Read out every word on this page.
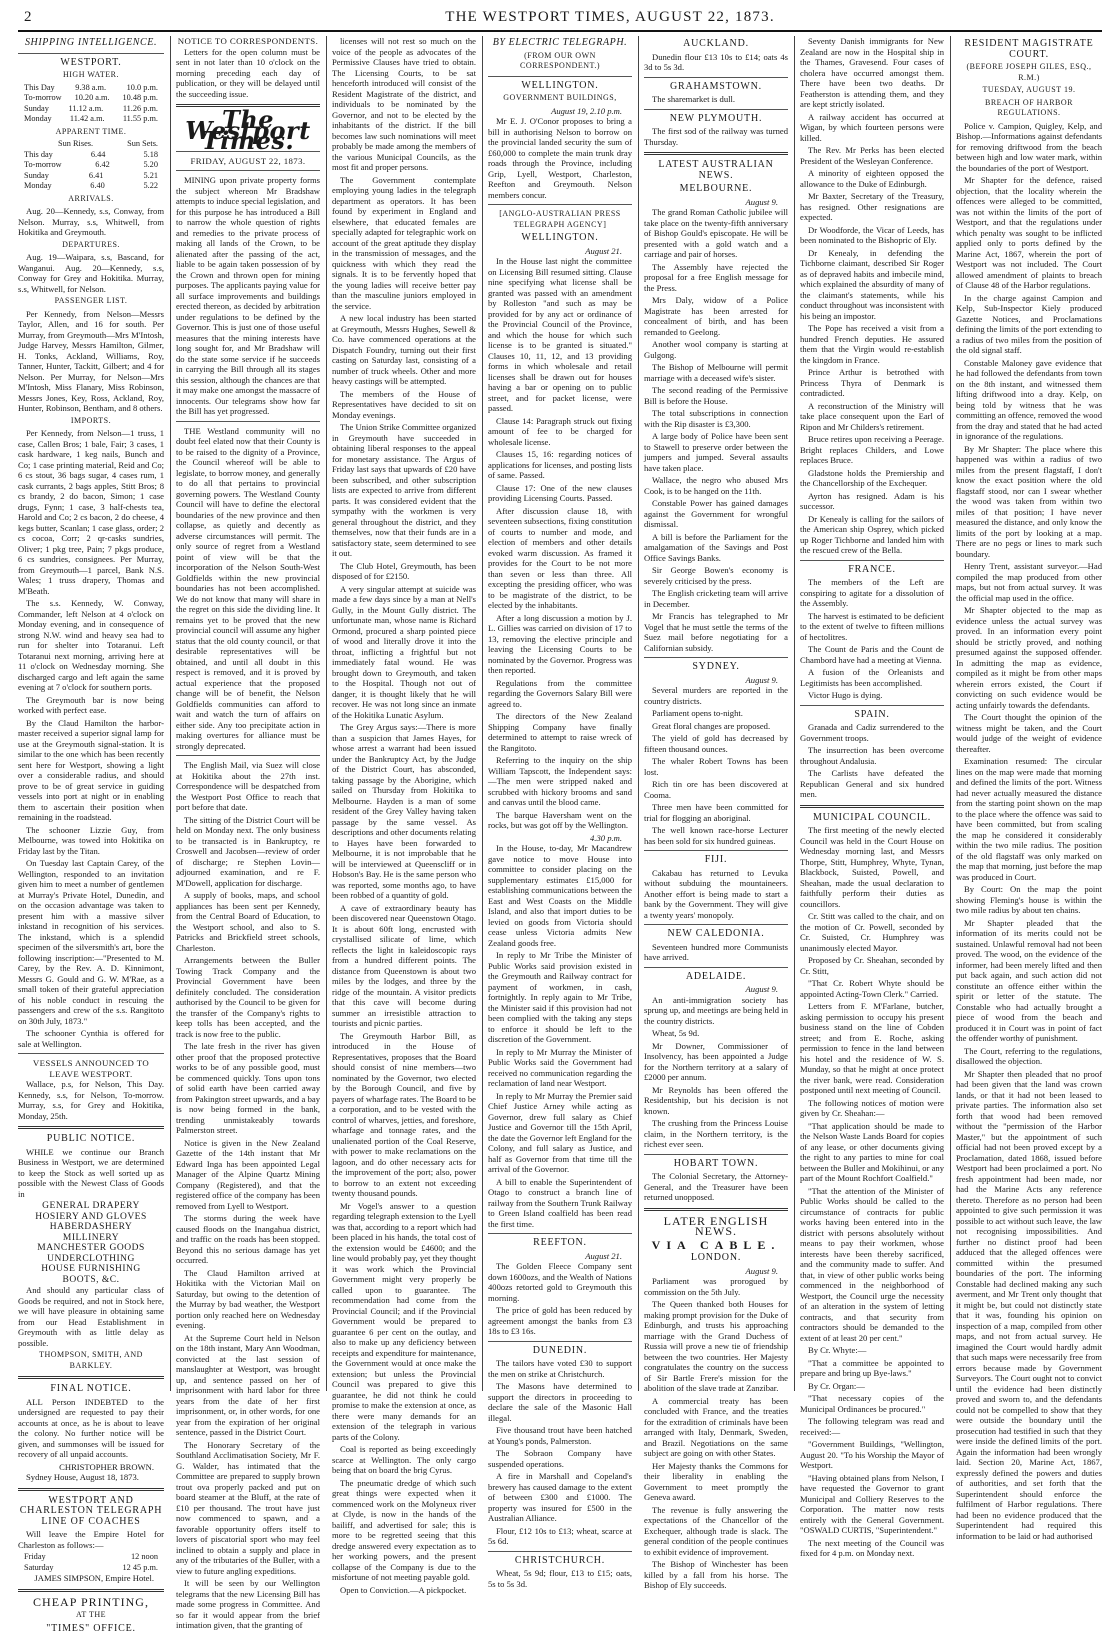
2	THE WESTPORT TIMES, AUGUST 22, 1873.
SHIPPING INTELLIGENCE.
WESTPORT.
HIGH WATER.
This Day 9.38 a.m. 10.0 p.m.
To-morrow 10.20 a.m. 10.48 p.m.
Sunday 11.12 a.m. 11.26 p.m.
Monday 11.42 a.m. 11.55 p.m.
APPARENT TIME.
Sun Rises.	Sun Sets.
This day	6.44	5.18
To-morrow	6.42	5.20
Sunday	6.41	5.21
Monday	6.40	5.22
ARRIVALS.

Aug. 20—Kennedy, s.s, Conway, from Nelson. Murray, s.s, Whitwell, from Hokitika and Greymouth.

DEPARTURES.

Aug. 19—Waipara, s.s, Bascand, for Wanganui. Aug. 20—Kennedy, s.s, Conway for Grey and Hokitika. Murray, s.s, Whitwell, for Nelson.

PASSENGER LIST.

Per Kennedy, from Nelson—Messrs Taylor, Allen, and 16 for south. Per Murray, from Greymouth—Mrs M'Intosh, Judge Harvey, Messrs Hamilton, Gilmer, H. Tonks, Ackland, Williams, Roy, Tanner, Hunter, Tackitt, Gilbert; and 4 for Nelson. Per Murray, for Nelson—Mrs M'Intosh, Miss Flanary, Miss Robinson, Messrs Jones, Key, Ross, Ackland, Roy, Hunter, Robinson, Bentham, and 8 others.

IMPORTS.

Per Kennedy, from Nelson—1 truss, 1 case, Callen Bros; 1 bale, Fair; 3 cases, 1 cask hardware, 1 keg nails, Bunch and Co; 1 case printing material, Reid and Co; 6 cs stout, 36 bags sugar, 4 cases rum, 1 cask currants, 2 bags apples, Stitt Bros; 8 cs brandy, 2 do bacon, Simon; 1 case drugs, Fynn; 1 case, 3 half-chests tea, Harold and Co; 2 cs bacon, 2 do cheese, 4 kegs butter, Scanlan; 1 case glass, order; 2 cs cocoa, Corr; 2 qr-casks sundries, Oliver; 1 pkg tree, Pain; 7 pkgs produce, 6 cs sundries, consignees. Per Murray, from Greymouth—1 parcel, Bank N.S. Wales; 1 truss drapery, Thomas and M'Beath.

The s.s. Kennedy, W. Conway, Commander, left Nelson at 4 o'clock on Monday evening, and in consequence of strong N.W. wind and heavy sea had to run for shelter into Totaranui. Left Totaranui next morning, arriving here at 11 o'clock on Wednesday morning. She discharged cargo and left again the same evening at 7 o'clock for southern ports.

The Greymouth bar is now being worked with perfect ease.

By the Claud Hamilton the harbor-master received a superior signal lamp for use at the Greymouth signal-station. It is similar to the one which has been recently sent here for Westport, showing a light over a considerable radius, and should prove to be of great service in guiding vessels into port at night or in enabling them to ascertain their position when remaining in the roadstead.

The schooner Lizzie Guy, from Melbourne, was towed into Hokitika on Friday last by the Titan.

On Tuesday last Captain Carey, of the Wellington, responded to an invitation given him to meet a number of gentlemen at Murray's Private Hotel, Dunedin, and on the occasion advantage was taken to present him with a massive silver inkstand in recognition of his services. The inkstand, which is a splendid specimen of the silversmith's art, bore the following inscription:—"Presented to M. Carey, by the Rev. A. D. Kinnimont, Messrs G. Gould and G. W. M'Rae, as a small token of their grateful appreciation of his noble conduct in rescuing the passengers and crew of the s.s. Rangitoto on 30th July, 1873."

The schooner Cynthia is offered for sale at Wellington.

VESSELS ANNOUNCED TO LEAVE WESTPORT.

Wallace, p.s, for Nelson, This Day. Kennedy, s.s, for Nelson, To-morrow. Murray, s.s, for Grey and Hokitika, Monday, 25th.

PUBLIC NOTICE.

WHILE we continue our Branch Business in Westport, we are determined to keep the Stock as well sorted up as possible with the Newest Class of Goods in

GENERAL DRAPERY
HOSIERY AND GLOVES
HABERDASHERY
MILLINERY
MANCHESTER GOODS
UNDERCLOTHING
HOUSE FURNISHING
BOOTS, &C.

And should any particular class of Goods be required, and not in Stock here, we will have pleasure in obtaining same from our Head Establishment in Greymouth with as little delay as possible.

THOMPSON, SMITH, AND BARKLEY.
FINAL NOTICE.

ALL Person INDEBTED to the undersigned are requested to pay their accounts at once, as he is about to leave the colony. No further notice will be given, and summonses will be issued for recovery of all unpaid accounts.

CHRISTOPHER BROWN.

Sydney House, August 18, 1873.

WESTPORT AND CHARLESTON TELEGRAPH LINE OF COACHES

Will leave the Empire Hotel for Charleston as follows:—

Friday	12 noon
Saturday	12 45 p.m.
JAMES SIMPSON, Empire Hotel.
CHEAP PRINTING,
AT THE
"TIMES" OFFICE.
NOTICE TO CORRESPONDENTS.

Letters for the open column must be sent in not later than 10 o'clock on the morning preceding each day of publication, or they will be delayed until the succeeding issue.

The Westport Times.
FRIDAY, AUGUST 22, 1873.

MINING upon private property forms the subject whereon Mr Bradshaw attempts to induce special legislation, and for this purpose he has introduced a Bill to narrow the whole question of rights and remedies to the private process of making all lands of the Crown, to be alienated after the passing of the act, liable to be again taken possession of by the Crown and thrown open for mining purposes. The applicants paying value for all surface improvements and buildings erected thereon, as decided by arbitration under regulations to be defined by the Governor. This is just one of those useful measures that the mining interests have long sought for, and Mr Bradshaw will do the state some service if he succeeds in carrying the Bill through all its stages this session, although the chances are that it may make one amongst the massacre of innocents. Our telegrams show how far the Bill has yet progressed.

THE Westland community will no doubt feel elated now that their County is to be raised to the dignity of a Province, the Council whereof will be able to legislate, to borrow money, and generally to do all that pertains to provincial governing powers. The Westland County Council will have to define the electoral boundaries of the new province and then collapse, as quietly and decently as adverse circumstances will permit. The only source of regret from a Westland point of view will be that the incorporation of the Nelson South-West Goldfields within the new provincial boundaries has not been accomplished. We do not know that many will share in the regret on this side the dividing line. It remains yet to be proved that the new provincial council will assume any higher status that the old county council, or that desirable representatives will be obtained, and until all doubt in this respect is removed, and it is proved by actual experience that the proposed change will be of benefit, the Nelson Goldfields communities can afford to wait and watch the turn of affairs on either side. Any too precipitate action in making overtures for alliance must be strongly deprecated.

The English Mail, via Suez will close at Hokitika about the 27th inst. Correspondence will be despatched from the Westport Post Office to reach that port before that date.

The sitting of the District Court will be held on Monday next. The only business to be transacted is in Bankruptcy, re Croswell and Jacobsen—review of order of discharge; re Stephen Lovin—adjourned examination, and re F. M'Dowell, application for discharge.

A supply of books, maps, and school appliances has been sent per Kennedy, from the Central Board of Education, to the Westport school, and also to S. Patricks and Brickfield street schools, Charleston.

Arrangements between the Buller Towing Track Company and the Provincial Government have been definitely concluded. The consideration authorised by the Council to be given for the transfer of the Company's rights to keep tolls has been accepted, and the track is now free to the public.

The late fresh in the river has given other proof that the proposed protective works to be of any possible good, must be commenced quickly. Tons upon tons of solid earth have been carried away from Pakington street upwards, and a bay is now being formed in the bank, trending unmistakeably towards Palmerston street.

Notice is given in the New Zealand Gazette of the 14th instant that Mr Edward Inga has been appointed Legal Manager of the Alpine Quartz Mining Company (Registered), and that the registered office of the company has been removed from Lyell to Westport.

The storms during the week have caused floods on the Inangahua district, and traffic on the roads has been stopped. Beyond this no serious damage has yet occurred.

The Claud Hamilton arrived at Hokitika with the Victorian Mail on Saturday, but owing to the detention of the Murray by bad weather, the Westport portion only reached here on Wednesday evening.

At the Supreme Court held in Nelson on the 18th instant, Mary Ann Woodman, convicted at the last session of manslaughter at Westport, was brought up, and sentence passed on her of imprisonment with hard labor for three years from the date of her first imprisonment, or, in other words, for one year from the expiration of her original sentence, passed in the District Court.

The Honorary Secretary of the Southland Acclimatisation Society, Mr F. G. Walder, has intimated that the Committee are prepared to supply brown trout ova properly packed and put on board steamer at the Bluff, at the rate of £10 per thousand. The trout have just now commenced to spawn, and a favorable opportunity offers itself to lovers of piscatorial sport who may feel inclined to obtain a supply and place in any of the tributaries of the Buller, with a view to future angling expeditions.

It will be seen by our Wellington telegrams that the new Licensing Bill has made some progress in Committee. And so far it would appear from the brief intimation given, that the granting of

licenses will not rest so much on the voice of the people as advocates of the Permissive Clauses have tried to obtain. The Licensing Courts, to be sat henceforth introduced will consist of the Resident Magistrate of the district, and individuals to be nominated by the Governor, and not to be elected by the inhabitants of the district. If the bill becomes law such nominations will meet probably be made among the members of the various Municipal Councils, as the most fit and proper persons.

The Government contemplate employing young ladies in the telegraph department as operators. It has been found by experiment in England and elsewhere, that educated females are specially adapted for telegraphic work on account of the great aptitude they display in the transmission of messages, and the quickness with which they read the signals. It is to be fervently hoped that the young ladies will receive better pay than the masculine juniors employed in the service.

A new local industry has been started at Greymouth, Messrs Hughes, Sewell & Co. have commenced operations at the Dispatch Foundry, turning out their first casting on Saturday last, consisting of a number of truck wheels. Other and more heavy castings will be attempted.

The members of the House of Representatives have decided to sit on Monday evenings.

The Union Strike Committee organized in Greymouth have succeeded in obtaining liberal responses to the appeal for monetary assistance. The Argus of Friday last says that upwards of £20 have been subscribed, and other subscription lists are expected to arrive from different parts. It was considered evident that the sympathy with the workmen is very general throughout the district, and they themselves, now that their funds are in a satisfactory state, seem determined to see it out.

The Club Hotel, Greymouth, has been disposed of for £2150.

A very singular attempt at suicide was made a few days since by a man at Nell's Gully, in the Mount Gully district. The unfortunate man, whose name is Richard Ormond, procured a sharp pointed piece of wood and literally drove it into the throat, inflicting a frightful but not immediately fatal wound. He was brought down to Greymouth, and taken to the Hospital. Though not out of danger, it is thought likely that he will recover. He was not long since an inmate of the Hokitika Lunatic Asylum.

The Grey Argus says:—There is more than a suspicion that James Hayes, for whose arrest a warrant had been issued under the Bankruptcy Act, by the Judge of the District Court, has absconded, taking passage by the Aborigine, which sailed on Thursday from Hokitika to Melbourne. Hayden is a man of some resident of the Grey Valley having taken passage by the same vessel. As descriptions and other documents relating to Hayes have been forwarded to Melbourne, it is not improbable that he will be interviewed at Queenscliff or in Hobson's Bay. He is the same person who was reported, some months ago, to have been robbed of a quantity of gold.

A cave of extraordinary beauty has been discovered near Queenstown Otago. It is about 60ft long, encrusted with crystallised silicate of lime, which reflects the light in kaleidoscopic rays from a hundred different points. The distance from Queenstown is about two miles by the lodges, and three by the ridge of the mountain. A visitor predicts that this cave will become during summer an irresistible attraction to tourists and picnic parties.

The Greymouth Harbor Bill, as introduced in the House of Representatives, proposes that the Board should consist of nine members—two nominated by the Governor, two elected by the Borough Council, and five by payers of wharfage rates. The Board to be a corporation, and to be vested with the control of wharves, jetties, and foreshore, wharfage and tonnage rates, and the unalienated portion of the Coal Reserve, with power to make reclamations on the lagoon, and do other necessary acts for the improvement of the port; also, power to borrow to an extent not exceeding twenty thousand pounds.

Mr Vogel's answer to a question regarding telegraph extension to the Lyell was that, according to a report which had been placed in his hands, the total cost of the extension would be £4600; and the line would probably pay, yet they thought it was work which the Provincial Government might very properly be called upon to guarantee. The recommendation had come from the Provincial Council; and if the Provincial Government would be prepared to guarantee 6 per cent on the outlay, and also to make up any deficiency between receipts and expenditure for maintenance, the Government would at once make the extension; but unless the Provincial Council was prepared to give this guarantee, he did not think he could promise to make the extension at once, as there were many demands for an extension of the telegraph in various parts of the Colony.

Coal is reported as being exceedingly scarce at Wellington. The only cargo being that on board the brig Cyrus.

The pneumatic dredge of which such great things were expected when it commenced work on the Molyneux river at Clyde, is now in the hands of the bailiff, and advertised for sale; this is more to be regretted seeing that this dredge answered every expectation as to her working powers, and the present collapse of the Company is due to the misfortune of not meeting payable gold.

Open to Conviction.—A pickpocket.

BY ELECTRIC TELEGRAPH.
(FROM OUR OWN CORRESPONDENT.)
WELLINGTON.
GOVERNMENT BUILDINGS,
August 19, 2.10 p.m.

Mr E. J. O'Conor proposes to bring a bill in authorising Nelson to borrow on the provincial landed security the sum of £60,000 to complete the main trunk dray roads through the Province, including Grip, Lyell, Westport, Charleston, Reefton and Greymouth. Nelson members concur.

[ANGLO-AUSTRALIAN PRESS TELEGRAPH AGENCY]
WELLINGTON.
August 21.

In the House last night the committee on Licensing Bill resumed sitting. Clause nine specifying what license shall be granted was passed with an amendment by Rolleston "and such as may be provided for by any act or ordinance of the Provincial Council of the Province, and which the house for which such license is to be granted is situated." Clauses 10, 11, 12, and 13 providing forms in which wholesale and retail licenses shall be drawn out for houses having a bar or opening on to public street, and for packet license, were passed.

Clause 14: Paragraph struck out fixing amount of fee to be charged for wholesale license.

Clauses 15, 16: regarding notices of applications for licenses, and posting lists of same. Passed.

Clause 17: One of the new clauses providing Licensing Courts. Passed.

After discussion clause 18, with seventeen subsections, fixing constitution of courts to number and mode, and election of members and other details evoked warm discussion. As framed it provides for the Court to be not more than seven or less than three. All excepting the presiding officer, who was to be magistrate of the district, to be elected by the inhabitants.

After a long discussion a motion by J. L. Gillies was carried on division of 17 to 13, removing the elective principle and leaving the Licensing Courts to be nominated by the Governor. Progress was then reported.

Regulations from the committee regarding the Governors Salary Bill were agreed to.

The directors of the New Zealand Shipping Company have finally determined to attempt to raise wreck of the Rangitoto.

Referring to the inquiry on the ship William Tapscott, the Independent says:—The men were stripped naked and scrubbed with hickory brooms and sand and canvas until the blood came.

The barque Haversham went on the rocks, but was got off by the Wellington.

4.30 p.m.

In the House, to-day, Mr Macandrew gave notice to move House into committee to consider placing on the supplementary estimates £15,000 for establishing communications between the East and West Coasts on the Middle Island, and also that import duties to be levied on goods from Victoria should cease unless Victoria admits New Zealand goods free.

In reply to Mr Tribe the Minister of Public Works said provision existed in the Greymouth and Railway contract for payment of workmen, in cash, fortnightly. In reply again to Mr Tribe, the Minister said if this provision had not been complied with the taking any steps to enforce it should be left to the discretion of the Government.

In reply to Mr Murray the Minister of Public Works said the Government had received no communication regarding the reclamation of land near Westport.

In reply to Mr Murray the Premier said Chief Justice Arney while acting as Governor, drew full salary as Chief Justice and Governor till the 15th April, the date the Governor left England for the Colony, and full salary as Justice, and half as Governor from that time till the arrival of the Governor.

A bill to enable the Superintendent of Otago to construct a branch line of railway from the Southern Trunk Railway to Green Island coalfield has been read the first time.

REEFTON.
August 21.

The Golden Fleece Company sent down 1600ozs, and the Wealth of Nations 400ozs retorted gold to Greymouth this morning.

The price of gold has been reduced by agreement amongst the banks from £3 18s to £3 16s.

DUNEDIN.

The tailors have voted £30 to support the men on strike at Christchurch.

The Masons have determined to support the directors in proceeding to declare the sale of the Masonic Hall illegal.

Five thousand trout have been hatched at Young's ponds, Palmerston.

The Sobraon Company have suspended operations.

A fire in Marshall and Copeland's brewery has caused damage to the extent of between £300 and £1000. The property was insured for £500 in the Australian Alliance.

Flour, £12 10s to £13; wheat, scarce at 5s 6d.

CHRISTCHURCH.

Wheat, 5s 9d; flour, £13 to £15; oats, 5s to 5s 3d.

AUCKLAND.

Dunedin flour £13 10s to £14; oats 4s 3d to 5s 3d.

GRAHAMSTOWN.

The sharemarket is dull.

NEW PLYMOUTH.

The first sod of the railway was turned Thursday.

LATEST AUSTRALIAN NEWS.
MELBOURNE.
August 9.

The grand Roman Catholic jubilee will take place on the twenty-fifth anniversary of Bishop Gould's episcopate. He will be presented with a gold watch and a carriage and pair of horses.

The Assembly have rejected the proposal for a free English message for the Press.

Mrs Daly, widow of a Police Magistrate has been arrested for concealment of birth, and has been remanded to Geelong.

Another wool company is starting at Gulgong.

The Bishop of Melbourne will permit marriage with a deceased wife's sister.

The second reading of the Permissive Bill is before the House.

The total subscriptions in connection with the Rip disaster is £3,300.

A large body of Police have been sent to Stawell to preserve order between the jumpers and jumped. Several assaults have taken place.

Wallace, the negro who abused Mrs Cook, is to be hanged on the 11th.

Constable Power has gained damages against the Government for wrongful dismissal.

A bill is before the Parliament for the amalgamation of the Savings and Post Office Savings Banks.

Sir George Bowen's economy is severely criticised by the press.

The English cricketing team will arrive in December.

Mr Francis has telegraphed to Mr Vogel that he must settle the terms of the Suez mail before negotiating for a Californian subsidy.

SYDNEY.
August 9.

Several murders are reported in the country districts.

Parliament opens to-night.

Great floral changes are proposed.

The yield of gold has decreased by fifteen thousand ounces.

The whaler Robert Towns has been lost.

Rich tin ore has been discovered at Cooma.

Three men have been committed for trial for flogging an aboriginal.

The well known race-horse Lecturer has been sold for six hundred guineas.

FIJI.

Cakabau has returned to Levuka without subduing the mountaineers. Another effort is being made to start a bank by the Government. They will give a twenty years' monopoly.

NEW CALEDONIA.

Seventeen hundred more Communists have arrived.

ADELAIDE.
August 9.

An anti-immigration society has sprung up, and meetings are being held in the country districts.

Wheat, 5s 9d.

Mr Downer, Commissioner of Insolvency, has been appointed a Judge for the Northern territory at a salary of £2000 per annum.

Mr Reynolds has been offered the Residentship, but his decision is not known.

The crushing from the Princess Louise claim, in the Northern territory, is the richest ever seen.

HOBART TOWN.

The Colonial Secretary, the Attorney-General, and the Treasurer have been returned unopposed.

LATER ENGLISH NEWS.
VIA CABLE.
LONDON.
August 9.

Parliament was prorogued by commission on the 5th July.

The Queen thanked both Houses for making prompt provision for the Duke of Edinburgh, and trusts his approaching marriage with the Grand Duchess of Russia will prove a new tie of friendship between the two countries. Her Majesty congratulates the country on the success of Sir Bartle Frere's mission for the abolition of the slave trade at Zanzibar.

A commercial treaty has been concluded with France, and the treaties for the extradition of criminals have been arranged with Italy, Denmark, Sweden, and Brazil. Negotiations on the same subject are going on with other States.

Her Majesty thanks the Commons for their liberality in enabling the Government to meet promptly the Geneva award.

The revenue is fully answering the expectations of the Chancellor of the Exchequer, although trade is slack. The general condition of the people continues to exhibit evidence of improvement.

The Bishop of Winchester has been killed by a fall from his horse. The Bishop of Ely succeeds.

Seventy Danish immigrants for New Zealand are now in the Hospital ship in the Thames, Gravesend. Four cases of cholera have occurred amongst them. There have been two deaths. Dr Featherston is attending them, and they are kept strictly isolated.

A railway accident has occurred at Wigan, by which fourteen persons were killed.

The Rev. Mr Perks has been elected President of the Wesleyan Conference.

A minority of eighteen opposed the allowance to the Duke of Edinburgh.

Mr Baxter, Secretary of the Treasury, has resigned. Other resignations are expected.

Dr Woodforde, the Vicar of Leeds, has been nominated to the Bishopric of Ely.

Dr Kenealy, in defending the Tichborne claimant, described Sir Roger as of depraved habits and imbecile mind, which explained the absurdity of many of the claimant's statements, while his conduct throughout was inconsistent with his being an impostor.

The Pope has received a visit from a hundred French deputies. He assured them that the Virgin would re-establish the kingdom in France.

Prince Arthur is betrothed with Princess Thyra of Denmark is contradicted.

A reconstruction of the Ministry will take place consequent upon the Earl of Ripon and Mr Childers's retirement.

Bruce retires upon receiving a Peerage. Bright replaces Childers, and Lowe replaces Bruce.

Gladstone holds the Premiership and the Chancellorship of the Exchequer.

Ayrton has resigned. Adam is his successor.

Dr Kenealy is calling for the sailors of the American ship Osprey, which picked up Roger Tichborne and landed him with the rescued crew of the Bella.

FRANCE.

The members of the Left are conspiring to agitate for a dissolution of the Assembly.

The harvest is estimated to be deficient to the extent of twelve to fifteen millions of hectolitres.

The Count de Paris and the Count de Chambord have had a meeting at Vienna.

A fusion of the Orleanists and Legitimists has been accomplished.

Victor Hugo is dying.

SPAIN.

Granada and Cadiz surrendered to the Government troops.

The insurrection has been overcome throughout Andalusia.

The Carlists have defeated the Republican General and six hundred men.

MUNICIPAL COUNCIL.

The first meeting of the newly elected Council was held in the Court House on Wednesday morning last, and Messrs Thorpe, Stitt, Humphrey, Whyte, Tynan, Blackbock, Suisted, Powell, and Sheahan, made the usual declaration to faithfully perform their duties as councillors.

Cr. Stitt was called to the chair, and on the motion of Cr. Powell, seconded by Cr. Suisted, Cr. Humphrey was unanimously elected Mayor.

Proposed by Cr. Sheahan, seconded by Cr. Stitt,

"That Cr. Robert Whyte should be appointed Acting-Town Clerk." Carried.

Letters from F. M'Farlane, butcher, asking permission to occupy his present business stand on the line of Cobden street; and from E. Roche, asking permission to fence in the land between his hotel and the residence of W. S. Munday, so that he might at once protect the river bank, were read. Consideration postponed until next meeting of Council.

The following notices of motion were given by Cr. Sheahan:—

"That application should be made to the Nelson Waste Lands Board for copies of any lease, or other documents giving the right to any parties to mine for coal between the Buller and Mokihinui, or any part of the Mount Rochfort Coalfield."

"That the attention of the Minister of Public Works should be called to the circumstance of contracts for public works having been entered into in the district with persons absolutely without means to pay their workmen, whose interests have been thereby sacrificed, and the community made to suffer. And that, in view of other public works being commenced in the neighborhood of Westport, the Council urge the necessity of an alteration in the system of letting contracts, and that security from contractors should be demanded to the extent of at least 20 per cent."

By Cr. Whyte:—

"That a committee be appointed to prepare and bring up Bye-laws."

By Cr. Organ:—

"That necessary copies of the Municipal Ordinances be procured."

The following telegram was read and received:—

"Government Buildings, "Wellington, August 20. "To his Worship the Mayor of Westport.

"Having obtained plans from Nelson, I have requested the Governor to grant Municipal and Colliery Reserves to the Corporation. The matter now rests entirely with the General Government. "OSWALD CURTIS, "Superintendent."

The next meeting of the Council was fixed for 4 p.m. on Monday next.

RESIDENT MAGISTRATE COURT.
(BEFORE JOSEPH GILES, ESQ., R.M.)
TUESDAY, AUGUST 19.
BREACH OF HARBOR REGULATIONS.

Police v. Campion, Quigley, Kelp, and Bishop.—Informations against defendants for removing driftwood from the beach between high and low water mark, within the boundaries of the port of Westport.

Mr Shapter for the defence, raised objection, that the locality wherein the offences were alleged to be committed, was not within the limits of the port of Westport, and that the regulations under which penalty was sought to be inflicted applied only to ports defined by the Marine Act, 1867, wherein the port of Westport was not included. The Court allowed amendment of plaints to breach of Clause 48 of the Harbor regulations.

In the charge against Campion and Kelp, Sub-Inspector Kiely produced Gazette Notices, and Proclamations defining the limits of the port extending to a radius of two miles from the position of the old signal staff.

Constable Maloney gave evidence that he had followed the defendants from town on the 8th instant, and witnessed them lifting driftwood into a dray. Kelp, on being told by witness that he was committing an offence, removed the wood from the dray and stated that he had acted in ignorance of the regulations.

By Mr Shapter: The place where this happened was within a radius of two miles from the present flagstaff, I don't know the exact position where the old flagstaff stood, nor can I swear whether the wood was taken from within two miles of that position; I have never measured the distance, and only know the limits of the port by looking at a map. There are no pegs or lines to mark such boundary.

Henry Trent, assistant surveyor.—Had compiled the map produced from other maps, but not from actual survey. It was the official map used in the office.

Mr Shapter objected to the map as evidence unless the actual survey was proved. In an information every point should be strictly proved, and nothing presumed against the supposed offender. In admitting the map as evidence, compiled as it might be from other maps wherein errors existed, the Court if convicting on such evidence would be acting unfairly towards the defendants.

The Court thought the opinion of the witness might be taken, and the Court would judge of the weight of evidence thereafter.

Examination resumed: The circular lines on the map were made that morning and defined the limits of the port. Witness had never actually measured the distance from the starting point shown on the map to the place where the offence was said to have been committed, but from scaling the map he considered it considerably within the two mile radius. The position of the old flagstaff was only marked on the map that morning, just before the map was produced in Court.

By Court: On the map the point showing Fleming's house is within the two mile radius by about ten chains.

Mr Shapter pleaded that the information of its merits could not be sustained. Unlawful removal had not been proved. The wood, on the evidence of the informer, had been merely lifted and then put back again, and such action did not constitute an offence either within the spirit or letter of the statute. The Constable who had actually brought a piece of wood from the beach and produced it in Court was in point of fact the offender worthy of punishment.

The Court, referring to the regulations, disallowed the objection.

Mr Shapter then pleaded that no proof had been given that the land was crown lands, or that it had not been leased to private parties. The information also set forth that wood had been removed without the "permission of the Harbor Master," but the appointment of such official had not been proved except by a Proclamation, dated 1868, issued before Westport had been proclaimed a port. No fresh appointment had been made, nor had the Marine Acts any reference thereto. Therefore as no person had been appointed to give such permission it was possible to act without such leave, the law not recognising impossibilities. And further no distinct proof had been adduced that the alleged offences were committed within the presumed boundaries of the port. The informing Constable had declined making any such averment, and Mr Trent only thought that it might be, but could not distinctly state that it was, founding his opinion on inspection of a map, compiled from other maps, and not from actual survey. He imagined the Court would hardly admit that such maps were necessarily free from errors because made by Government Surveyors. The Court ought not to convict until the evidence had been distinctly proved and sworn to, and the defendants could not be compelled to show that they were outside the boundary until the prosecution had testified in such that they were inside the defined limits of the port. Again the information had been wrongly laid. Section 20, Marine Act, 1867, expressly defined the powers and duties of authorities, and set forth that the Superintendent should enforce the fulfilment of Harbor regulations. There had been no evidence produced that the Superintendent had required this information to be laid or had authorised
